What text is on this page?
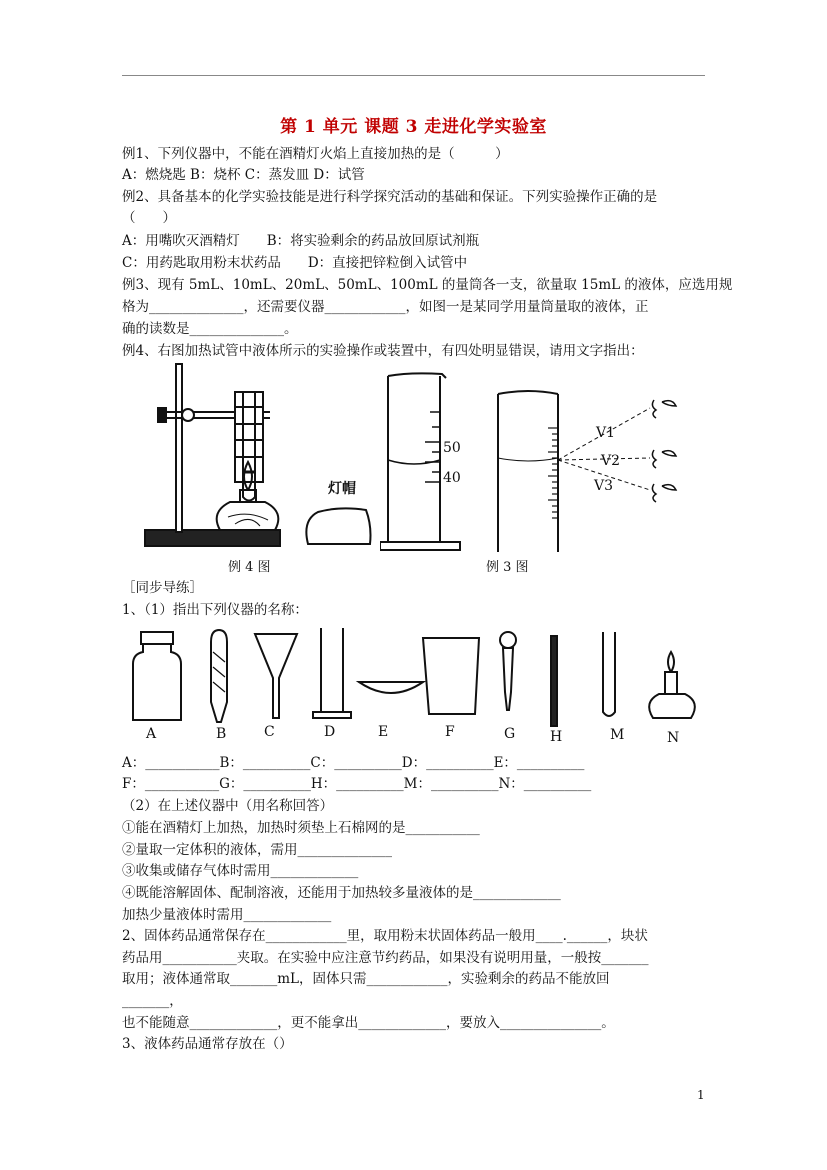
第 1 单元 课题 3 走进化学实验室
例1、下列仪器中，不能在酒精灯火焰上直接加热的是（　　　）
A：燃烧匙 B：烧杯 C：蒸发皿 D：试管
例2、具备基本的化学实验技能是进行科学探究活动的基础和保证。下列实验操作正确的是
（　　）
A：用嘴吹灭酒精灯　　B：将实验剩余的药品放回原试剂瓶
C：用药匙取用粉末状药品　　D：直接把锌粒倒入试管中
例3、现有 5mL、10mL、20mL、50mL、100mL 的量筒各一支，欲量取 15mL 的液体，应选用规
格为______________，还需要仪器____________，如图一是某同学用量筒量取的液体，正
确的读数是______________。
例4、右图加热试管中液体所示的实验操作或装置中，有四处明显错误，请用文字指出：
灯帽
50
40
V1
V2
V3
例 4 图	例 3 图
［同步导练］
1、（1）指出下列仪器的名称：
A	B	C	D	E	F	G H	M	N
A：___________B：__________C：__________D：__________E：__________
F：___________G：__________H：__________M：__________N：__________
（2）在上述仪器中（用名称回答）
①能在酒精灯上加热，加热时须垫上石棉网的是___________
②量取一定体积的液体，需用______________
③收集或储存气体时需用_____________
④既能溶解固体、配制溶液，还能用于加热较多量液体的是_____________
加热少量液体时需用_____________
2、固体药品通常保存在____________里，取用粉末状固体药品一般用____.______，块状
药品用___________夹取。在实验中应注意节约药品，如果没有说明用量，一般按_______
取用；液体通常取_______mL，固体只需____________，实验剩余的药品不能放回
_______，
也不能随意_____________，更不能拿出_____________，要放入_______________。
3、液体药品通常存放在（）
1
